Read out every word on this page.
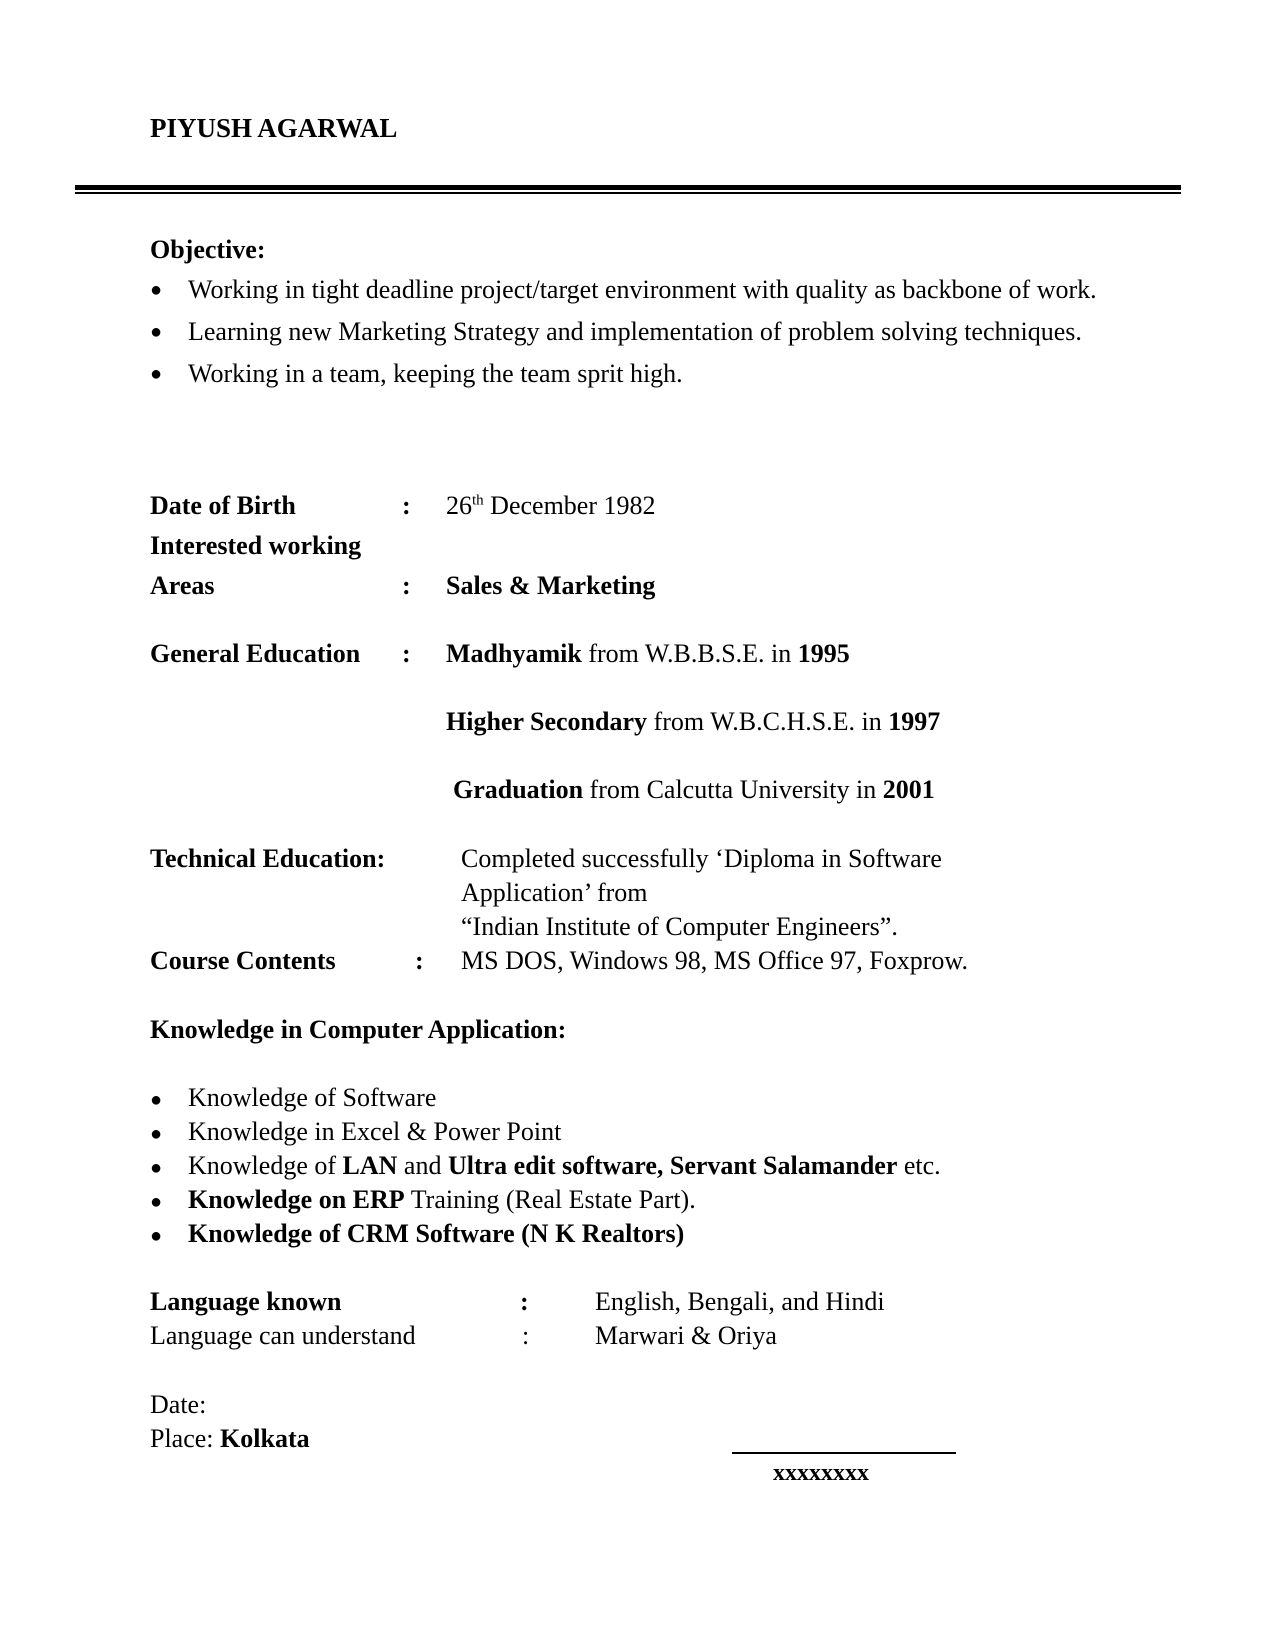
PIYUSH AGARWAL
Objective:
● Working in tight deadline project/target environment with quality as backbone of work.
● Learning new Marketing Strategy and implementation of problem solving techniques.
● Working in a team, keeping the team sprit high.
Date of Birth	: 26th December 1982
Interested working
Areas	: Sales & Marketing
General Education : Madhyamik from W.B.B.S.E. in 1995
Higher Secondary from W.B.C.H.S.E. in 1997
Graduation from Calcutta University in 2001
Technical Education:	Completed successfully ‘Diploma in Software
Application’ from
“Indian Institute of Computer Engineers”.
Course Contents	: MS DOS, Windows 98, MS Office 97, Foxprow.
Knowledge in Computer Application:
● Knowledge of Software
● Knowledge in Excel & Power Point
● Knowledge of LAN and Ultra edit software, Servant Salamander etc.
● Knowledge on ERP Training (Real Estate Part).
● Knowledge of CRM Software (N K Realtors)
Language known	:	English, Bengali, and Hindi
Language can understand	:	Marwari & Oriya
Date:
Place: Kolkata
xxxxxxxx
